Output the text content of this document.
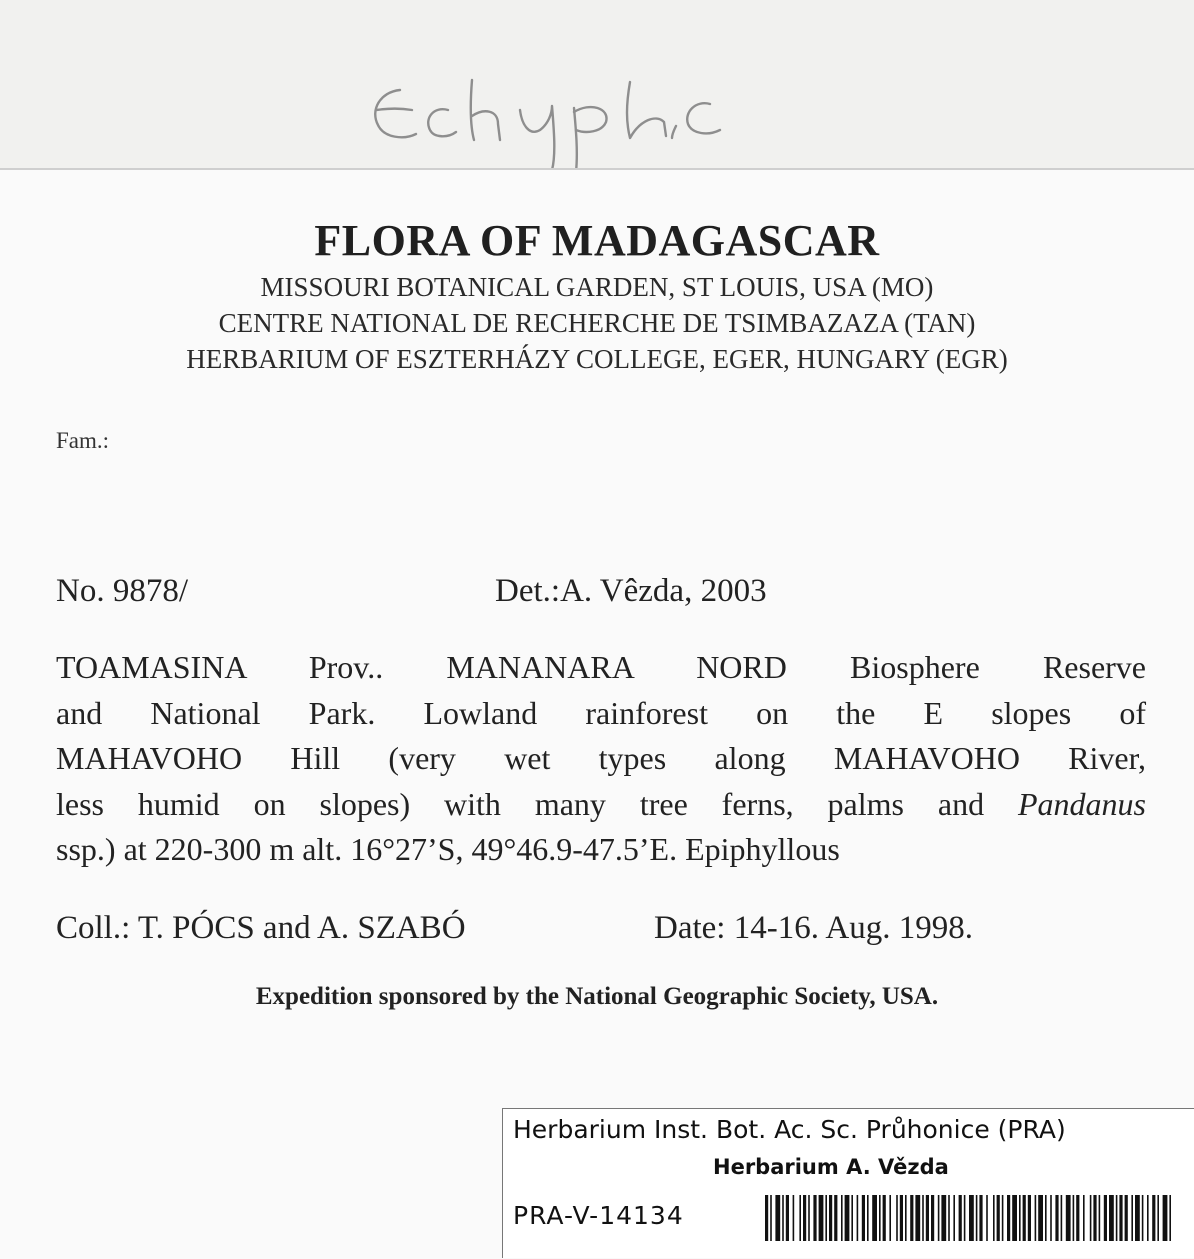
FLORA OF MADAGASCAR
MISSOURI BOTANICAL GARDEN, ST LOUIS, USA (MO)
CENTRE NATIONAL DE RECHERCHE DE TSIMBAZAZA (TAN)
HERBARIUM OF ESZTERHÁZY COLLEGE, EGER, HUNGARY (EGR)
Fam.:
No. 9878/	Det.:A. Vêzda, 2003
TOAMASINA Prov.. MANANARA NORD Biosphere Reserve
and National Park. Lowland rainforest on the E slopes of
MAHAVOHO Hill (very wet types along MAHAVOHO River,
less humid on slopes) with many tree ferns, palms and Pandanus
ssp.) at 220-300 m alt. 16°27’S, 49°46.9-47.5’E. Epiphyllous
Coll.: T. PÓCS and A. SZABÓ	Date: 14-16. Aug. 1998.
Expedition sponsored by the National Geographic Society, USA.
Herbarium Inst. Bot. Ac. Sc. Průhonice (PRA)
Herbarium A. Vězda
PRA-V-14134
